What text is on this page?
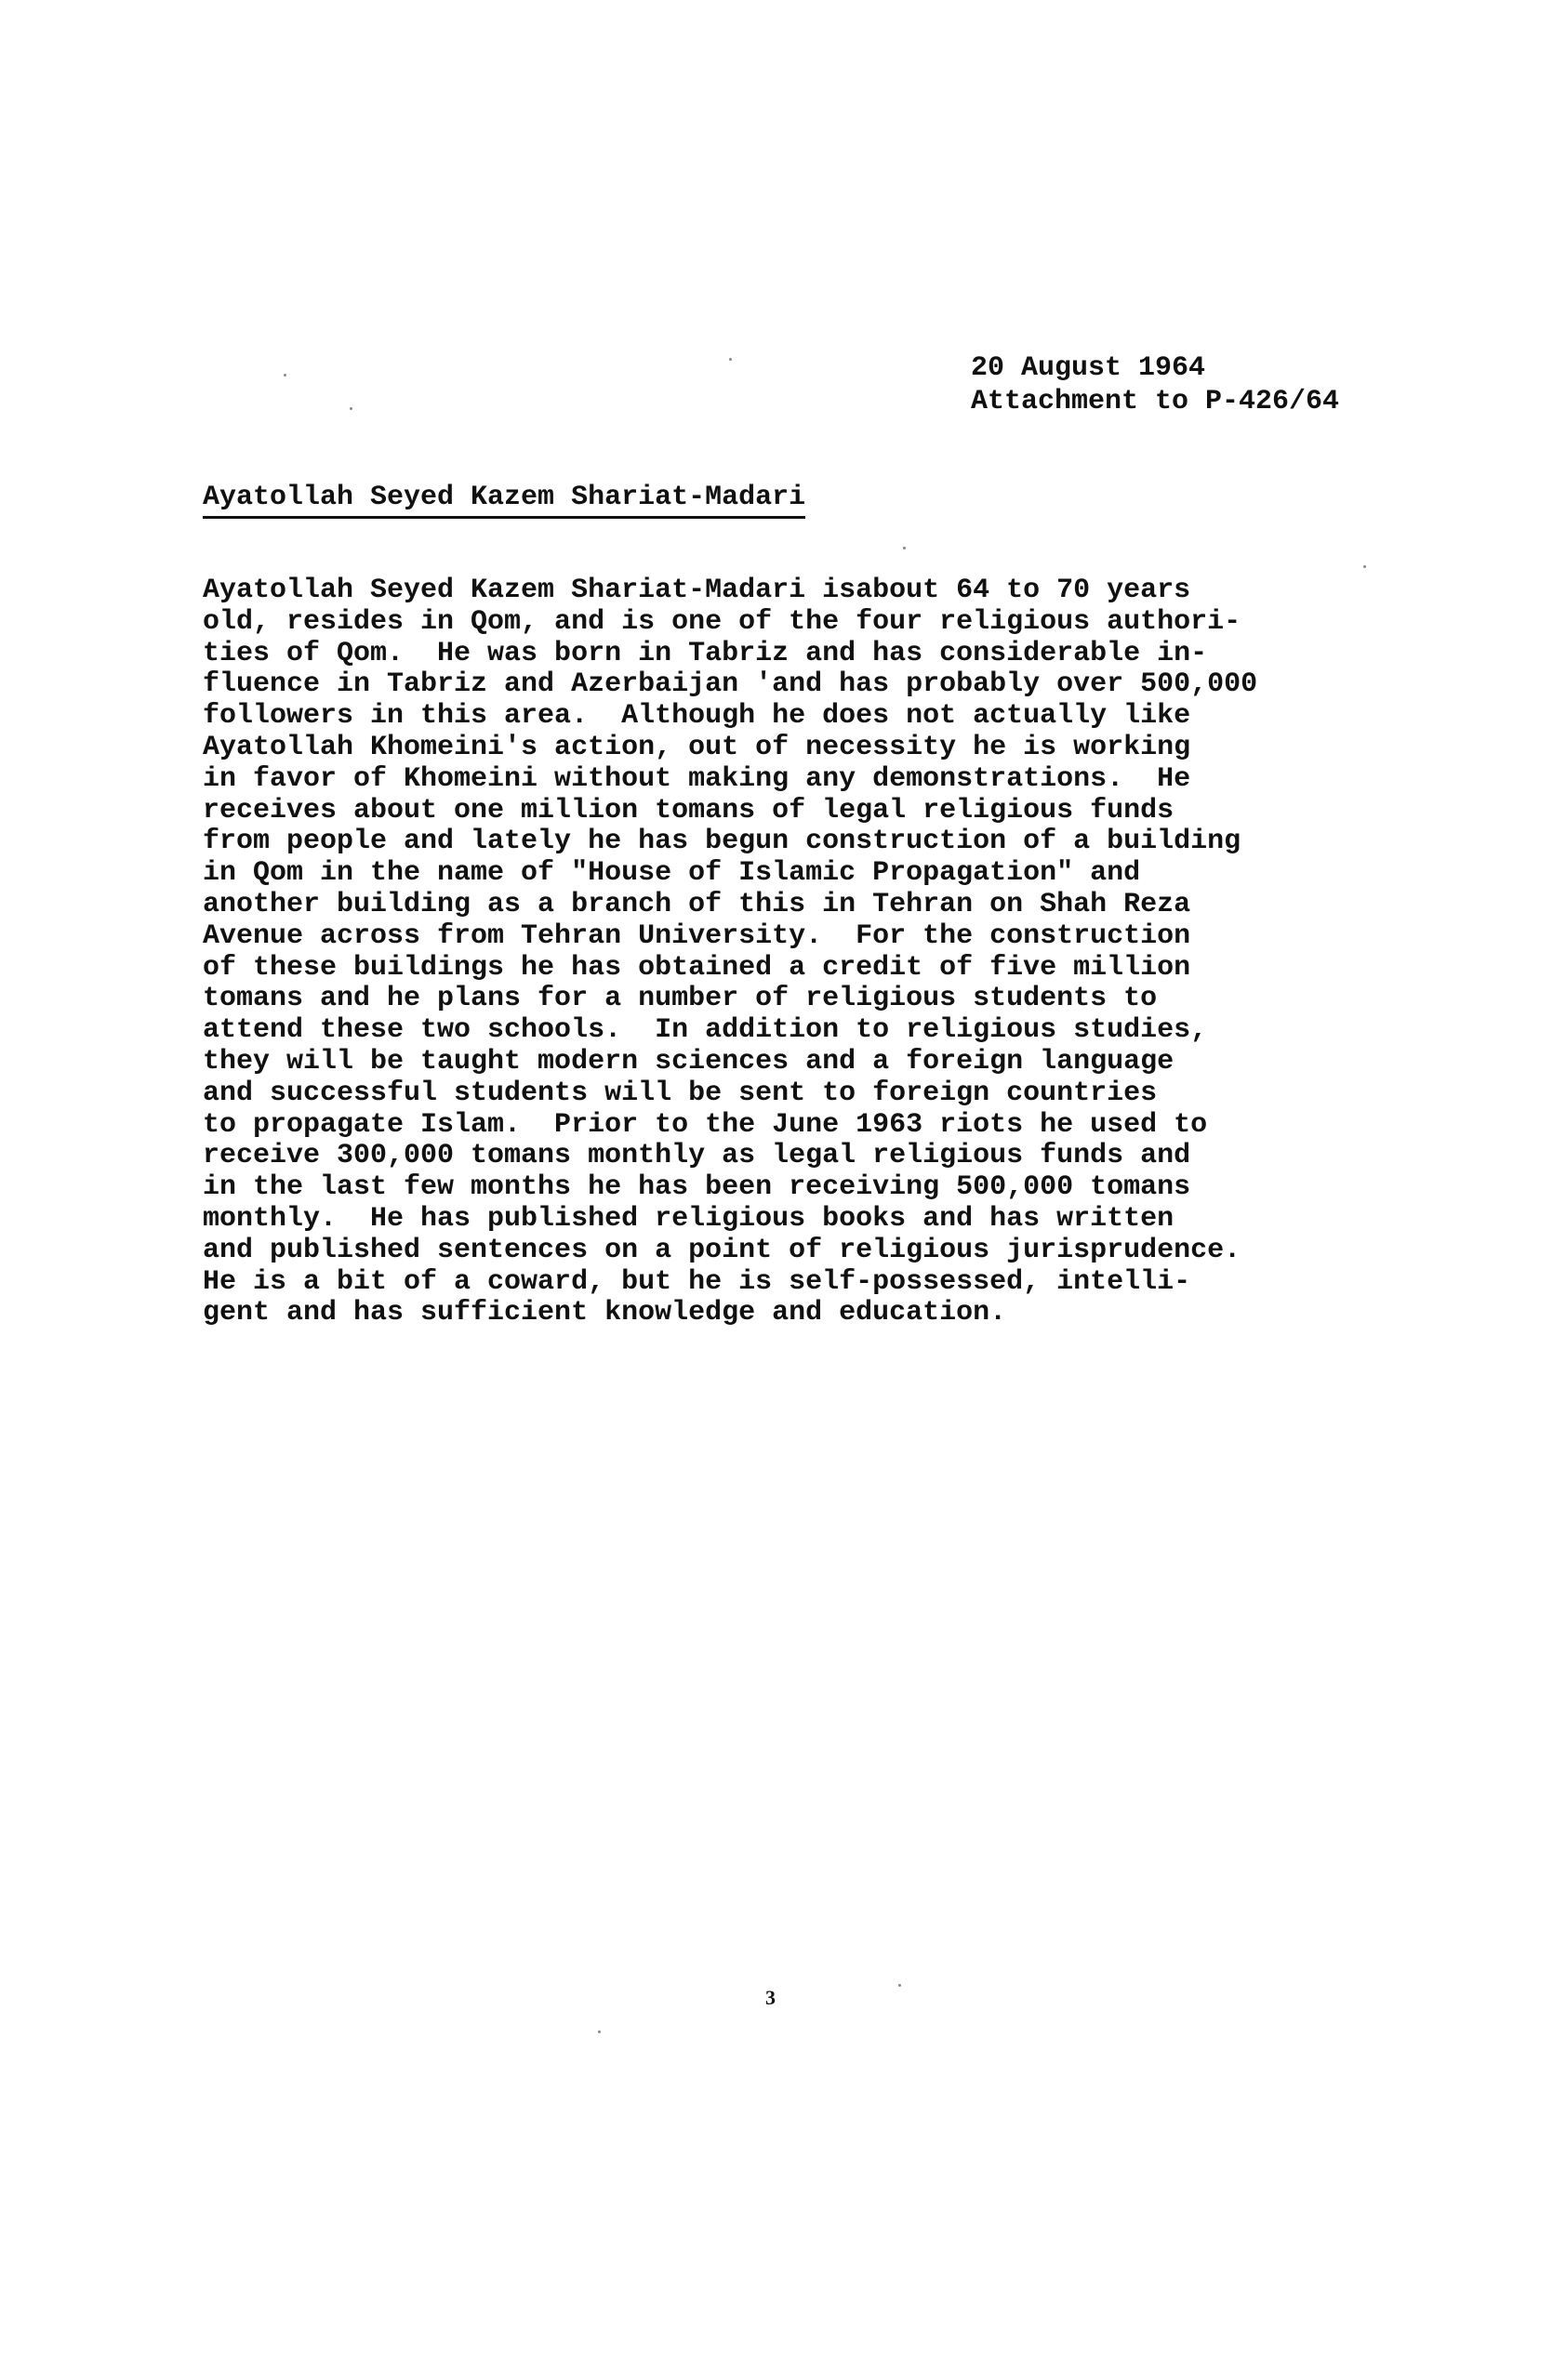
20 August 1964
Attachment to P-426/64
Ayatollah Seyed Kazem Shariat-Madari
Ayatollah Seyed Kazem Shariat-Madari isabout 64 to 70 years
old, resides in Qom, and is one of the four religious authori-
ties of Qom.  He was born in Tabriz and has considerable in-
fluence in Tabriz and Azerbaijan 'and has probably over 500,000
followers in this area.  Although he does not actually like
Ayatollah Khomeini's action, out of necessity he is working
in favor of Khomeini without making any demonstrations.  He
receives about one million tomans of legal religious funds
from people and lately he has begun construction of a building
in Qom in the name of "House of Islamic Propagation" and
another building as a branch of this in Tehran on Shah Reza
Avenue across from Tehran University.  For the construction
of these buildings he has obtained a credit of five million
tomans and he plans for a number of religious students to
attend these two schools.  In addition to religious studies,
they will be taught modern sciences and a foreign language
and successful students will be sent to foreign countries
to propagate Islam.  Prior to the June 1963 riots he used to
receive 300,000 tomans monthly as legal religious funds and
in the last few months he has been receiving 500,000 tomans
monthly.  He has published religious books and has written
and published sentences on a point of religious jurisprudence.
He is a bit of a coward, but he is self-possessed, intelli-
gent and has sufficient knowledge and education.
3
